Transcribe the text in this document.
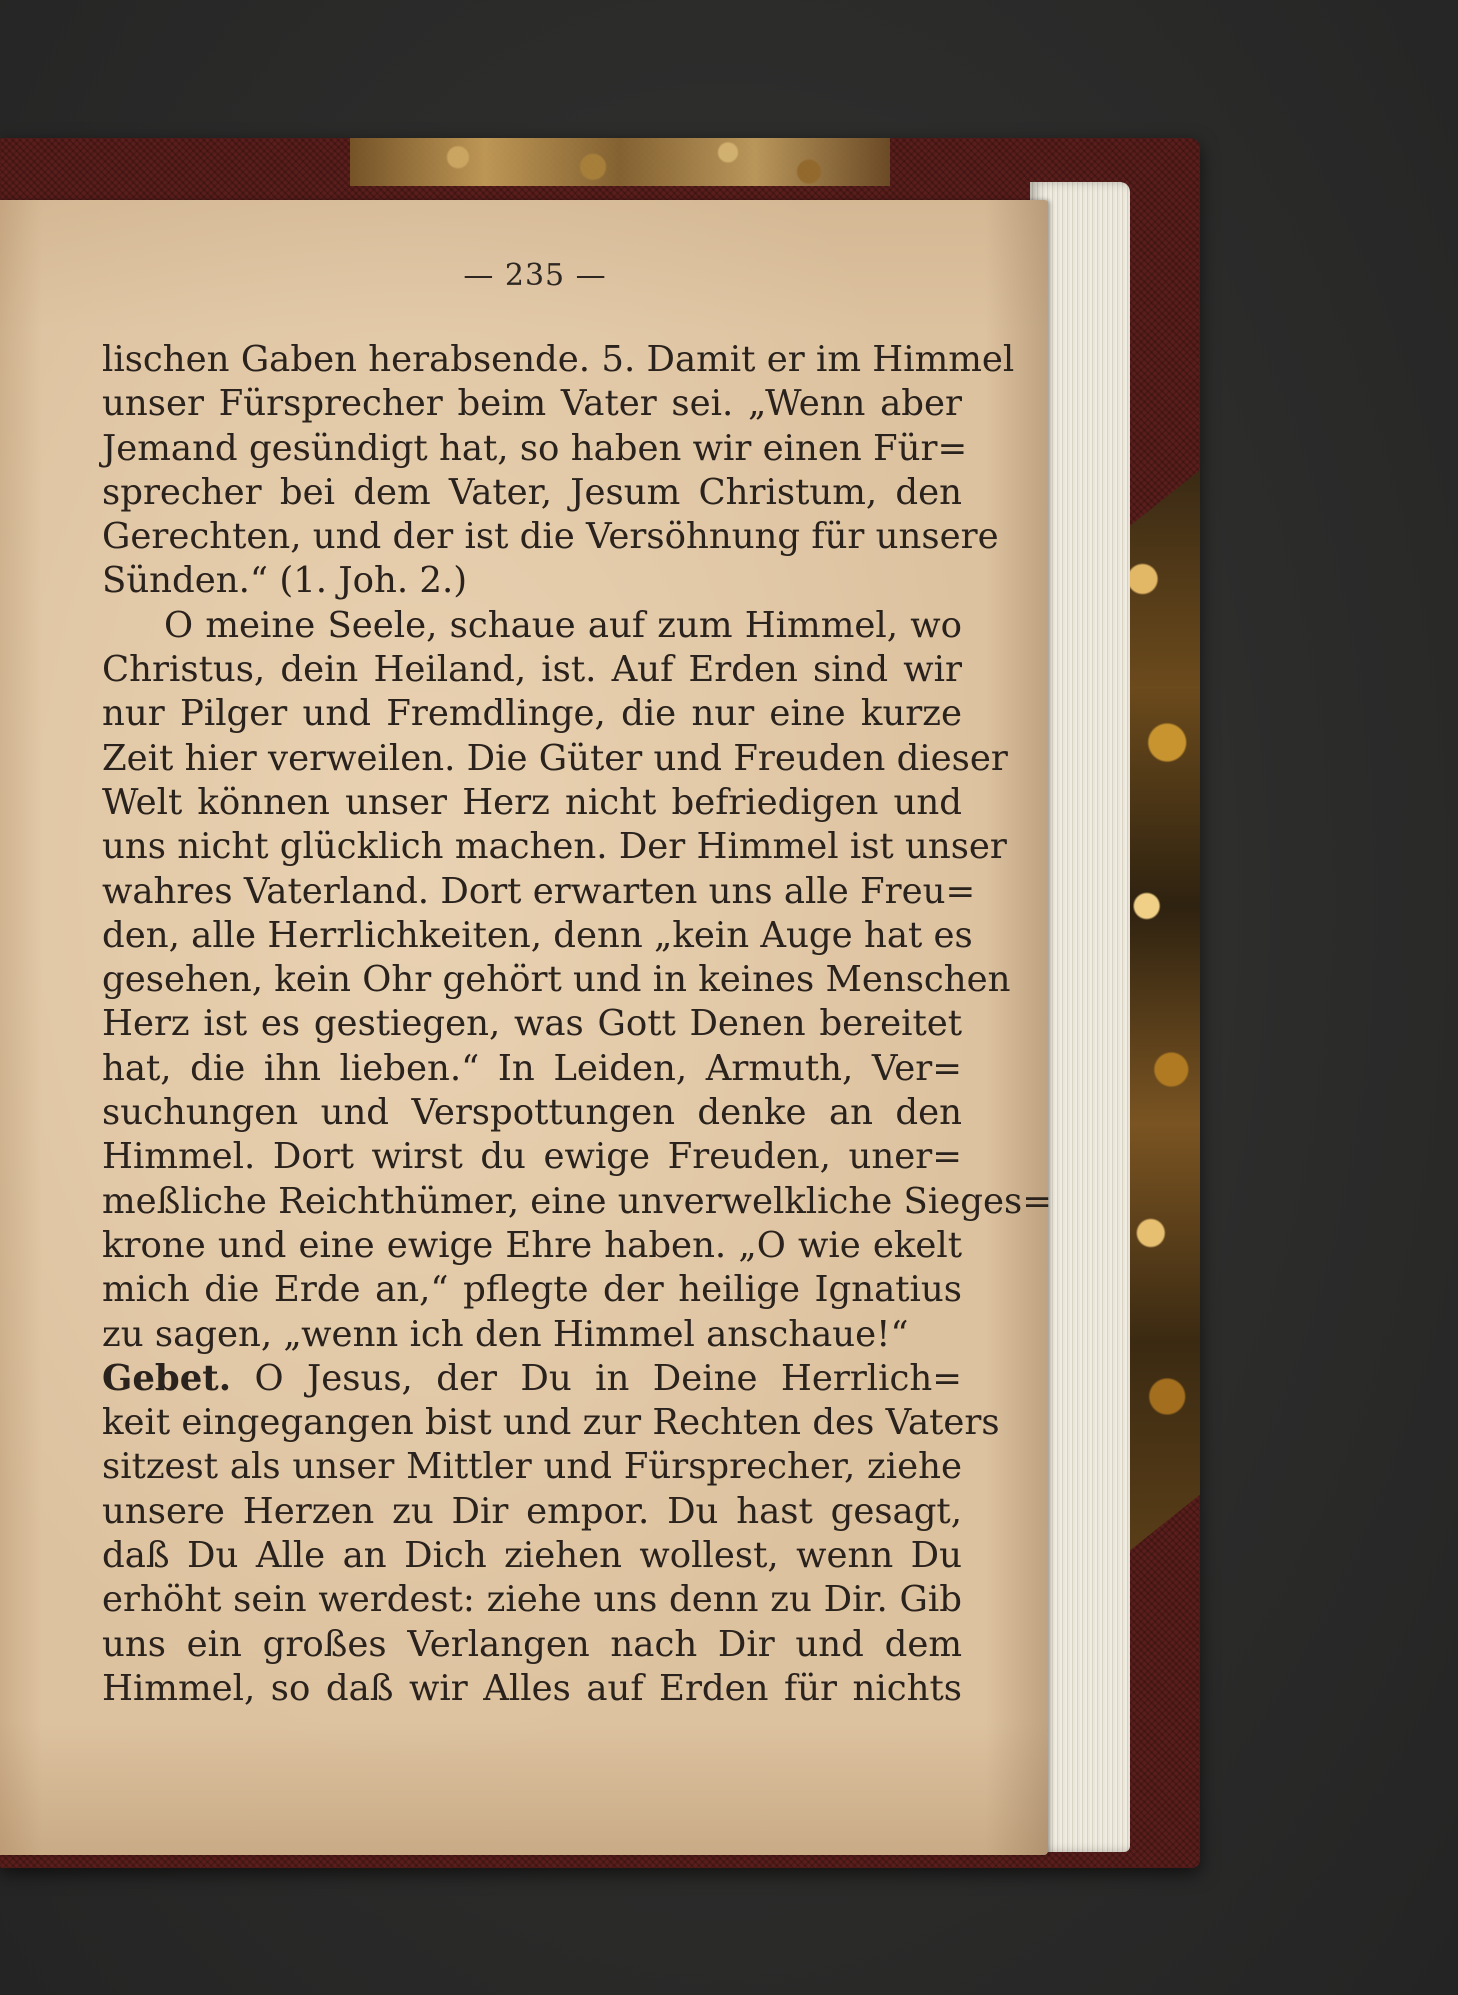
— 235 —
lischen Gaben herabsende. 5. Damit er im Himmel
unser Fürsprecher beim Vater sei. „Wenn aber
Jemand gesündigt hat, so haben wir einen Für=
sprecher bei dem Vater, Jesum Christum, den
Gerechten, und der ist die Versöhnung für unsere
Sünden.“ (1. Joh. 2.)
O meine Seele, schaue auf zum Himmel, wo
Christus, dein Heiland, ist. Auf Erden sind wir
nur Pilger und Fremdlinge, die nur eine kurze
Zeit hier verweilen. Die Güter und Freuden dieser
Welt können unser Herz nicht befriedigen und
uns nicht glücklich machen. Der Himmel ist unser
wahres Vaterland. Dort erwarten uns alle Freu=
den, alle Herrlichkeiten, denn „kein Auge hat es
gesehen, kein Ohr gehört und in keines Menschen
Herz ist es gestiegen, was Gott Denen bereitet
hat, die ihn lieben.“ In Leiden, Armuth, Ver=
suchungen und Verspottungen denke an den
Himmel. Dort wirst du ewige Freuden, uner=
meßliche Reichthümer, eine unverwelkliche Sieges=
krone und eine ewige Ehre haben. „O wie ekelt
mich die Erde an,“ pflegte der heilige Ignatius
zu sagen, „wenn ich den Himmel anschaue!“
Gebet. O Jesus, der Du in Deine Herrlich=
keit eingegangen bist und zur Rechten des Vaters
sitzest als unser Mittler und Fürsprecher, ziehe
unsere Herzen zu Dir empor. Du hast gesagt,
daß Du Alle an Dich ziehen wollest, wenn Du
erhöht sein werdest: ziehe uns denn zu Dir. Gib
uns ein großes Verlangen nach Dir und dem
Himmel, so daß wir Alles auf Erden für nichts
